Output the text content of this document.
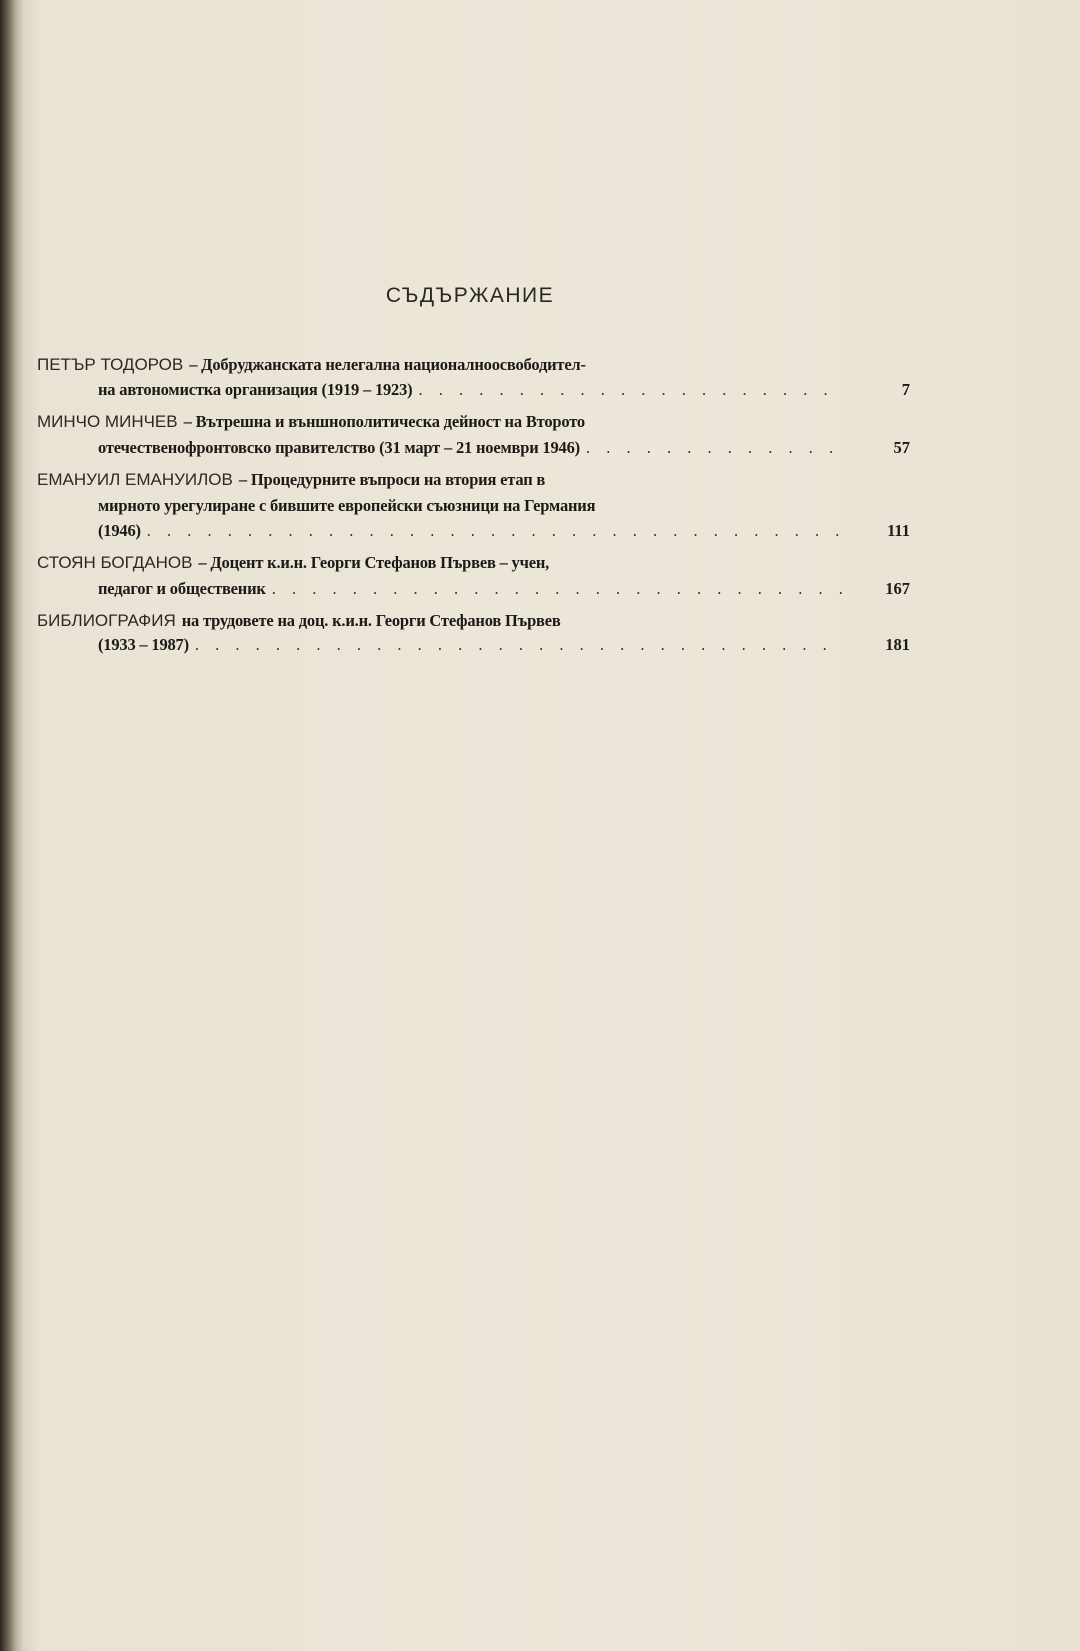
СЪДЪРЖАНИЕ
ПЕТЪР ТОДОРОВ – Добруджанската нелегална националноосвободител-
на автономистка организация (1919 – 1923) . . .	7
МИНЧО МИНЧЕВ – Вътрешна и външнополитическа дейност на Второто
отечественофронтовско правителство (31 март – 21 ноември 1946) . . .	57
ЕМАНУИЛ ЕМАНУИЛОВ – Процедурните въпроси на втория етап в
мирното урегулиране с бившите европейски съюзници на Германия
(1946) . . .	111
СТОЯН БОГДАНОВ – Доцент к.и.н. Георги Стефанов Първев – учен,
педагог и общественик . . .	167
БИБЛИОГРАФИЯ на трудовете на доц. к.и.н. Георги Стефанов Първев
(1933 – 1987) . . .	181
